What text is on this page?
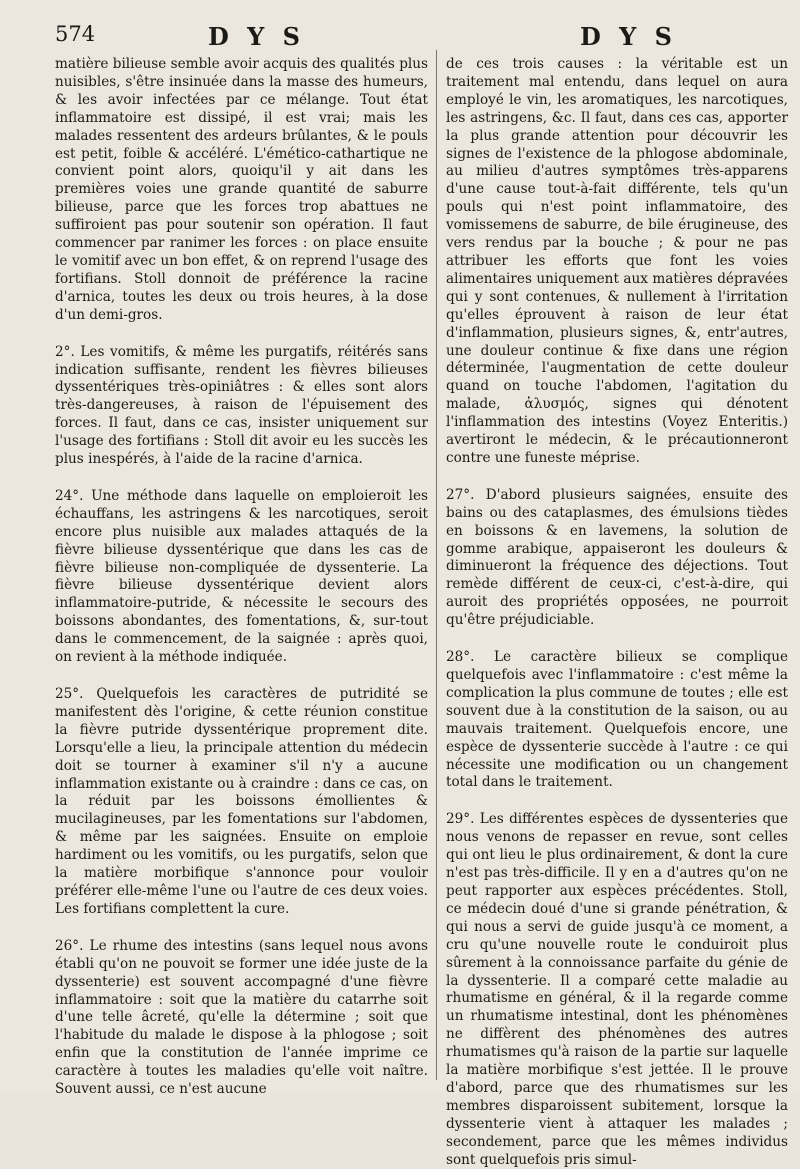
574	D Y S	D Y S

matière bilieuse semble avoir acquis des qualités plus nuisibles, s'être insinuée dans la masse des humeurs, & les avoir infectées par ce mélange. Tout état inflammatoire est dissipé, il est vrai; mais les malades ressentent des ardeurs brûlantes, & le pouls est petit, foible & accéléré. L'émético-cathartique ne convient point alors, quoiqu'il y ait dans les premières voies une grande quantité de saburre bilieuse, parce que les forces trop abattues ne suffiroient pas pour soutenir son opération. Il faut commencer par ranimer les forces : on place ensuite le vomitif avec un bon effet, & on reprend l'usage des fortifians. Stoll donnoit de préférence la racine d'arnica, toutes les deux ou trois heures, à la dose d'un demi-gros.

2°. Les vomitifs, & même les purgatifs, réitérés sans indication suffisante, rendent les fièvres bilieuses dyssentériques très-opiniâtres : & elles sont alors très-dangereuses, à raison de l'épuisement des forces. Il faut, dans ce cas, insister uniquement sur l'usage des fortifians : Stoll dit avoir eu les succès les plus inespérés, à l'aide de la racine d'arnica.

24°. Une méthode dans laquelle on emploieroit les échauffans, les astringens & les narcotiques, seroit encore plus nuisible aux malades attaqués de la fièvre bilieuse dyssentérique que dans les cas de fièvre bilieuse non-compliquée de dyssenterie. La fièvre bilieuse dyssentérique devient alors inflammatoire-putride, & nécessite le secours des boissons abondantes, des fomentations, &, sur-tout dans le commencement, de la saignée : après quoi, on revient à la méthode indiquée.

25°. Quelquefois les caractères de putridité se manifestent dès l'origine, & cette réunion constitue la fièvre putride dyssentérique proprement dite. Lorsqu'elle a lieu, la principale attention du médecin doit se tourner à examiner s'il n'y a aucune inflammation existante ou à craindre : dans ce cas, on la réduit par les boissons émollientes & mucilagineuses, par les fomentations sur l'abdomen, & même par les saignées. Ensuite on emploie hardiment ou les vomitifs, ou les purgatifs, selon que la matière morbifique s'annonce pour vouloir préférer elle-même l'une ou l'autre de ces deux voies. Les fortifians complettent la cure.

26°. Le rhume des intestins (sans lequel nous avons établi qu'on ne pouvoit se former une idée juste de la dyssenterie) est souvent accompagné d'une fièvre inflammatoire : soit que la matière du catarrhe soit d'une telle âcreté, qu'elle la détermine ; soit que l'habitude du malade le dispose à la phlogose ; soit enfin que la constitution de l'année imprime ce caractère à toutes les maladies qu'elle voit naître. Souvent aussi, ce n'est aucune

de ces trois causes : la véritable est un traitement mal entendu, dans lequel on aura employé le vin, les aromatiques, les narcotiques, les astringens, &c. Il faut, dans ces cas, apporter la plus grande attention pour découvrir les signes de l'existence de la phlogose abdominale, au milieu d'autres symptômes très-apparens d'une cause tout-à-fait différente, tels qu'un pouls qui n'est point inflammatoire, des vomissemens de saburre, de bile érugineuse, des vers rendus par la bouche ; & pour ne pas attribuer les efforts que font les voies alimentaires uniquement aux matières dépravées qui y sont contenues, & nullement à l'irritation qu'elles éprouvent à raison de leur état d'inflammation, plusieurs signes, &, entr'autres, une douleur continue & fixe dans une région déterminée, l'augmentation de cette douleur quand on touche l'abdomen, l'agitation du malade, ἀλυσμός, signes qui dénotent l'inflammation des intestins (Voyez Enteritis.) avertiront le médecin, & le précautionneront contre une funeste méprise.

27°. D'abord plusieurs saignées, ensuite des bains ou des cataplasmes, des émulsions tièdes en boissons & en lavemens, la solution de gomme arabique, appaiseront les douleurs & diminueront la fréquence des déjections. Tout remède différent de ceux-ci, c'est-à-dire, qui auroit des propriétés opposées, ne pourroit qu'être préjudiciable.

28°. Le caractère bilieux se complique quelquefois avec l'inflammatoire : c'est même la complication la plus commune de toutes ; elle est souvent due à la constitution de la saison, ou au mauvais traitement. Quelquefois encore, une espèce de dyssenterie succède à l'autre : ce qui nécessite une modification ou un changement total dans le traitement.

29°. Les différentes espèces de dyssenteries que nous venons de repasser en revue, sont celles qui ont lieu le plus ordinairement, & dont la cure n'est pas très-difficile. Il y en a d'autres qu'on ne peut rapporter aux espèces précédentes. Stoll, ce médecin doué d'une si grande pénétration, & qui nous a servi de guide jusqu'à ce moment, a cru qu'une nouvelle route le conduiroit plus sûrement à la connoissance parfaite du génie de la dyssenterie. Il a comparé cette maladie au rhumatisme en général, & il la regarde comme un rhumatisme intestinal, dont les phénomènes ne diffèrent des phénomènes des autres rhumatismes qu'à raison de la partie sur laquelle la matière morbifique s'est jettée. Il le prouve d'abord, parce que des rhumatismes sur les membres disparoissent subitement, lorsque la dyssenterie vient à attaquer les malades ; secondement, parce que les mêmes individus sont quelquefois pris simul-
